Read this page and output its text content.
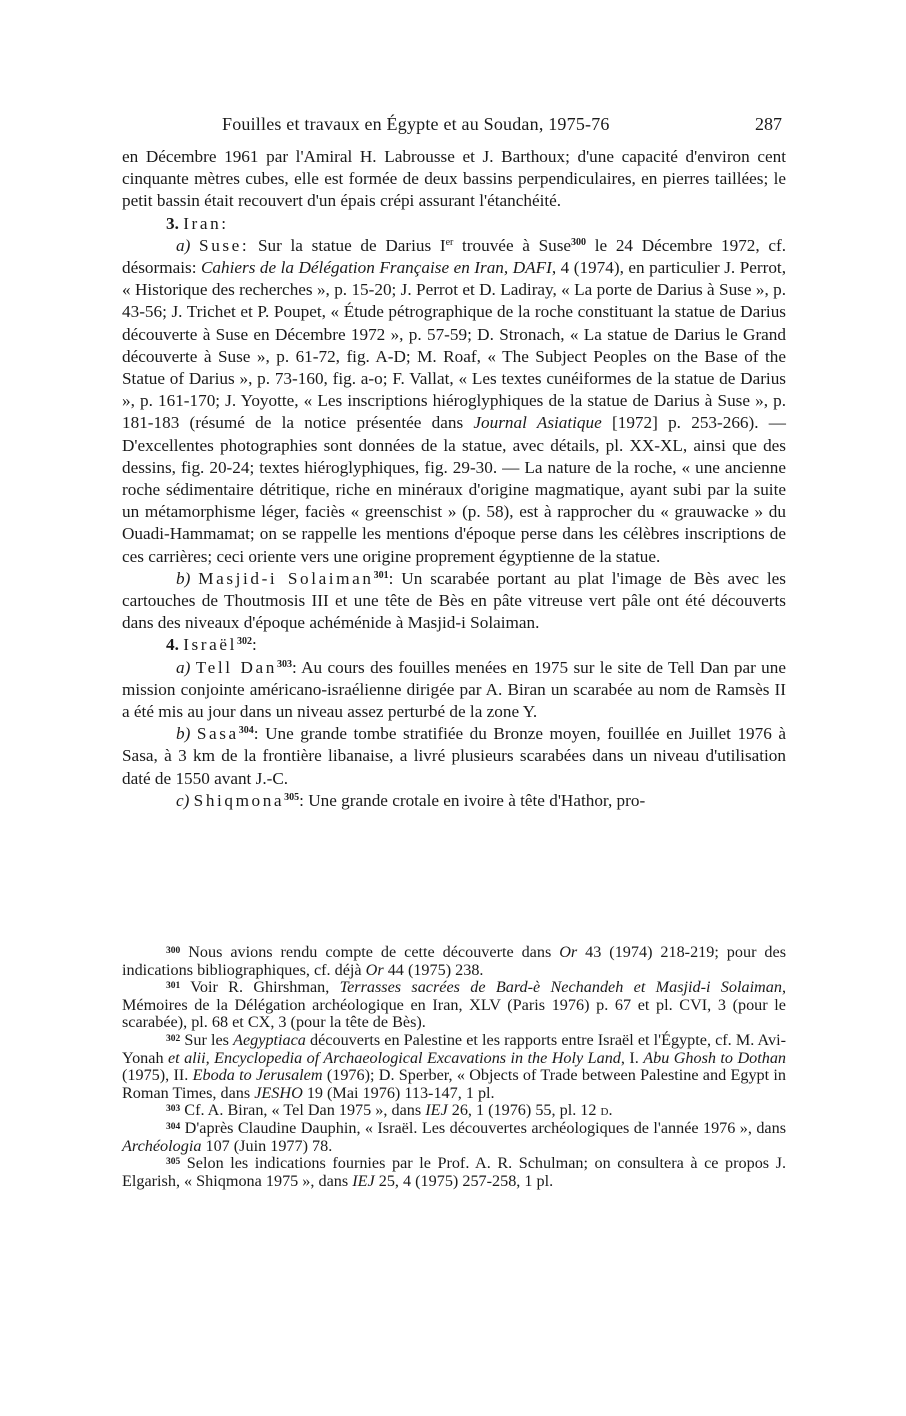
Fouilles et travaux en Égypte et au Soudan, 1975-76	287

en Décembre 1961 par l'Amiral H. Labrousse et J. Barthoux; d'une capacité d'environ cent cinquante mètres cubes, elle est formée de deux bassins perpendiculaires, en pierres taillées; le petit bassin était recouvert d'un épais crépi assurant l'étanchéité.

3. Iran:

a) Suse: Sur la statue de Darius Ier trouvée à Suse$^{300}$ le 24 Décembre 1972, cf. désormais: Cahiers de la Délégation Française en Iran, DAFI, 4 (1974), en particulier J. Perrot, « Historique des recherches », p. 15-20; J. Perrot et D. Ladiray, « La porte de Darius à Suse », p. 43-56; J. Trichet et P. Poupet, « Étude pétrographique de la roche constituant la statue de Darius découverte à Suse en Décembre 1972 », p. 57-59; D. Stronach, « La statue de Darius le Grand découverte à Suse », p. 61-72, fig. A-D; M. Roaf, « The Subject Peoples on the Base of the Statue of Darius », p. 73-160, fig. a-o; F. Vallat, « Les textes cunéiformes de la statue de Darius », p. 161-170; J. Yoyotte, « Les inscriptions hiéroglyphiques de la statue de Darius à Suse », p. 181-183 (résumé de la notice présentée dans Journal Asiatique [1972] p. 253-266). — D'excellentes photographies sont données de la statue, avec détails, pl. XX-XL, ainsi que des dessins, fig. 20-24; textes hiéroglyphiques, fig. 29-30. — La nature de la roche, « une ancienne roche sédimentaire détritique, riche en minéraux d'origine magmatique, ayant subi par la suite un métamorphisme léger, faciès « greenschist » (p. 58), est à rapprocher du « grauwacke » du Ouadi-Hammamat; on se rappelle les mentions d'époque perse dans les célèbres inscriptions de ces carrières; ceci oriente vers une origine proprement égyptienne de la statue.

b) Masjid-i Solaiman$^{301}$: Un scarabée portant au plat l'image de Bès avec les cartouches de Thoutmosis III et une tête de Bès en pâte vitreuse vert pâle ont été découverts dans des niveaux d'époque achéménide à Masjid-i Solaiman.

4. Israël$^{302}$:

a) Tell Dan$^{303}$: Au cours des fouilles menées en 1975 sur le site de Tell Dan par une mission conjointe américano-israélienne dirigée par A. Biran un scarabée au nom de Ramsès II a été mis au jour dans un niveau assez perturbé de la zone Y.

b) Sasa$^{304}$: Une grande tombe stratifiée du Bronze moyen, fouillée en Juillet 1976 à Sasa, à 3 km de la frontière libanaise, a livré plusieurs scarabées dans un niveau d'utilisation daté de 1550 avant J.-C.

c) Shiqmona$^{305}$: Une grande crotale en ivoire à tête d'Hathor, pro-

$^{300}$ Nous avions rendu compte de cette découverte dans Or 43 (1974) 218-219; pour des indications bibliographiques, cf. déjà Or 44 (1975) 238.

$^{301}$ Voir R. Ghirshman, Terrasses sacrées de Bard-è Nechandeh et Masjid-i Solaiman, Mémoires de la Délégation archéologique en Iran, XLV (Paris 1976) p. 67 et pl. CVI, 3 (pour le scarabée), pl. 68 et CX, 3 (pour la tête de Bès).

$^{302}$ Sur les Aegyptiaca découverts en Palestine et les rapports entre Israël et l'Égypte, cf. M. Avi-Yonah et alii, Encyclopedia of Archaeological Excavations in the Holy Land, I. Abu Ghosh to Dothan (1975), II. Eboda to Jerusalem (1976); D. Sperber, « Objects of Trade between Palestine and Egypt in Roman Times, dans JESHO 19 (Mai 1976) 113-147, 1 pl.

$^{303}$ Cf. A. Biran, « Tel Dan 1975 », dans IEJ 26, 1 (1976) 55, pl. 12 d.

$^{304}$ D'après Claudine Dauphin, « Israël. Les découvertes archéologiques de l'année 1976 », dans Archéologia 107 (Juin 1977) 78.

$^{305}$ Selon les indications fournies par le Prof. A. R. Schulman; on consultera à ce propos J. Elgarish, « Shiqmona 1975 », dans IEJ 25, 4 (1975) 257-258, 1 pl.
